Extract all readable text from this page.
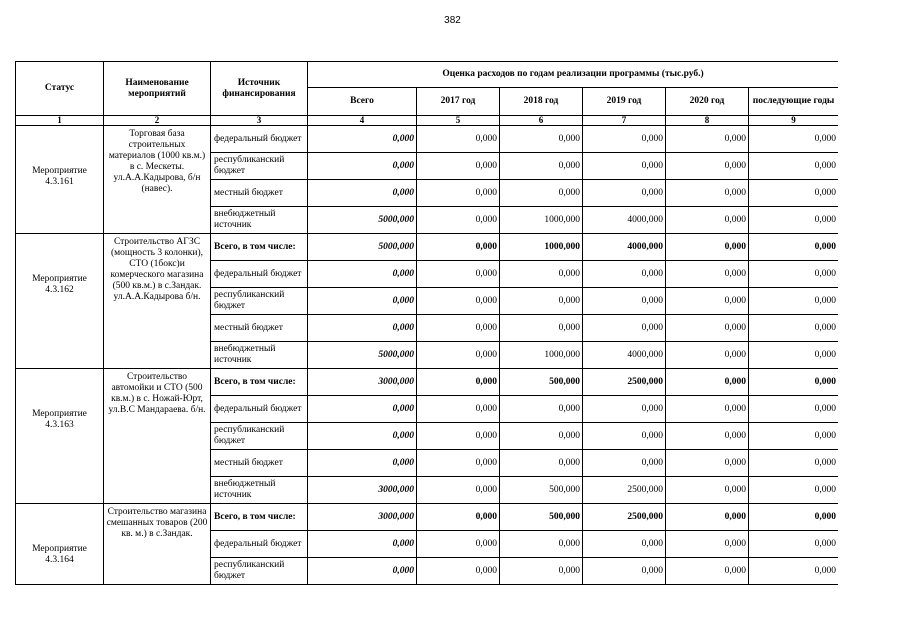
382
Статус	Наименование мероприятий	Источник финансирования	Оценка расходов по годам реализации программы (тыс.руб.)					
			Всего	2017 год	2018 год	2019 год	2020 год	последующие годы
1	2	3	4	5	6	7	8	9
Мероприятие 4.3.161	Торговая база строительных материалов (1000 кв.м.) в с. Мескеты. ул.А.А.Кадырова, б/н (навес).	федеральный бюджет	0,000	0,000	0,000	0,000	0,000	0,000
		республиканский бюджет	0,000	0,000	0,000	0,000	0,000	0,000
		местный бюджет	0,000	0,000	0,000	0,000	0,000	0,000
		внебюджетный источник	5000,000	0,000	1000,000	4000,000	0,000	0,000
Мероприятие 4.3.162	Строительство АГЗС (мощность 3 колонки), СТО (1бокс)и комерческого магазина (500 кв.м.) в с.Зандак. ул.А.А.Кадырова б/н.	Всего, в том числе:	5000,000	0,000	1000,000	4000,000	0,000	0,000
		федеральный бюджет	0,000	0,000	0,000	0,000	0,000	0,000
		республиканский бюджет	0,000	0,000	0,000	0,000	0,000	0,000
		местный бюджет	0,000	0,000	0,000	0,000	0,000	0,000
		внебюджетный источник	5000,000	0,000	1000,000	4000,000	0,000	0,000
Мероприятие 4.3.163	Строительство автомойки и СТО (500 кв.м.) в с. Ножай-Юрт, ул.В.С Мандараева. б/н.	Всего, в том числе:	3000,000	0,000	500,000	2500,000	0,000	0,000
		федеральный бюджет	0,000	0,000	0,000	0,000	0,000	0,000
		республиканский бюджет	0,000	0,000	0,000	0,000	0,000	0,000
		местный бюджет	0,000	0,000	0,000	0,000	0,000	0,000
		внебюджетный источник	3000,000	0,000	500,000	2500,000	0,000	0,000
Мероприятие 4.3.164	Строительство магазина смешанных товаров (200 кв. м.) в с.Зандак.	Всего, в том числе:	3000,000	0,000	500,000	2500,000	0,000	0,000
		федеральный бюджет	0,000	0,000	0,000	0,000	0,000	0,000
		республиканский бюджет	0,000	0,000	0,000	0,000	0,000	0,000
